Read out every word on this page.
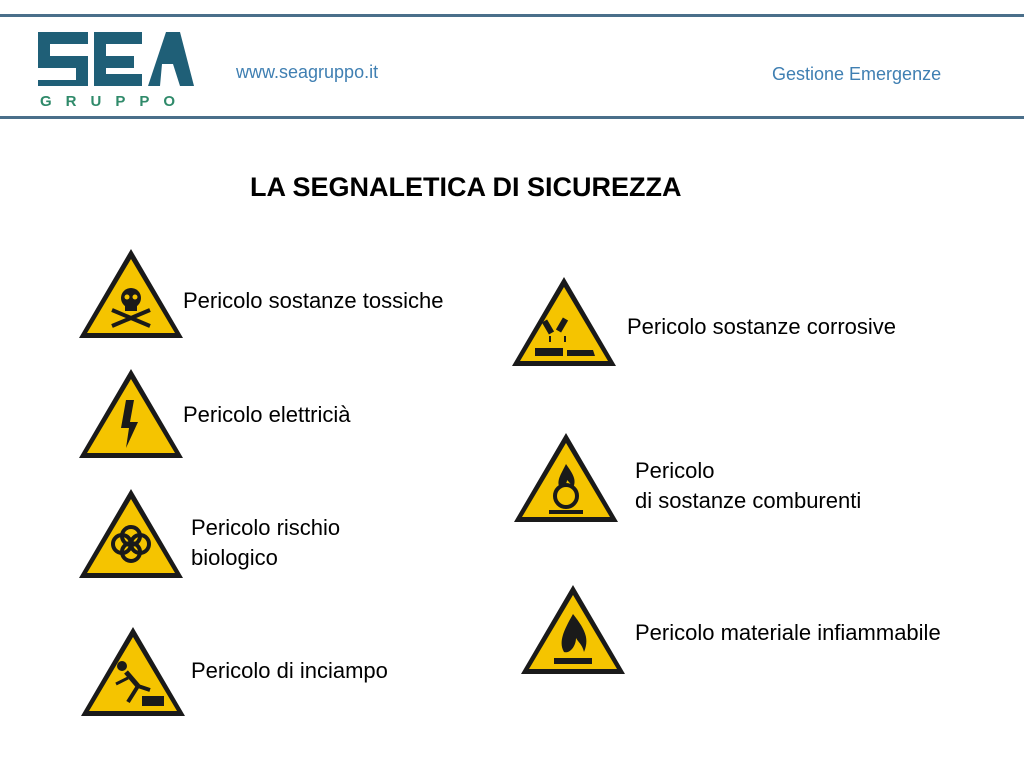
GRUPPO
www.seagruppo.it	Gestione Emergenze
LA SEGNALETICA DI SICUREZZA
Pericolo sostanze tossiche
Pericolo elettricià
Pericolo rischio
biologico
Pericolo di inciampo
Pericolo sostanze corrosive
Pericolo
di sostanze comburenti
Pericolo materiale infiammabile
